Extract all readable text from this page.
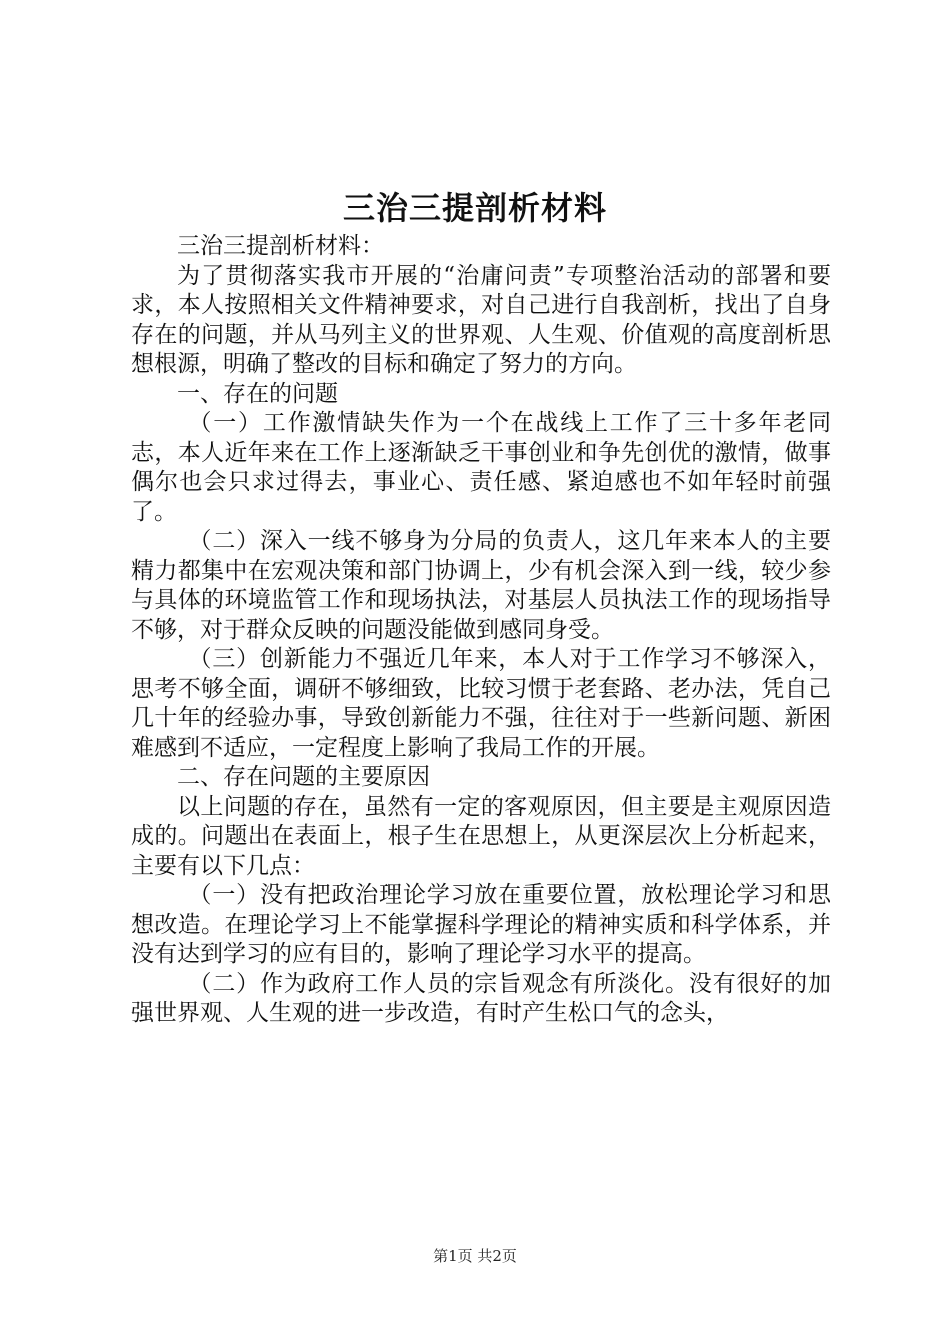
三治三提剖析材料

三治三提剖析材料：

为了贯彻落实我市开展的“治庸问责”专项整治活动的部署和要求，本人按照相关文件精神要求，对自己进行自我剖析，找出了自身存在的问题，并从马列主义的世界观、人生观、价值观的高度剖析思想根源，明确了整改的目标和确定了努力的方向。

一、存在的问题

（一）工作激情缺失作为一个在战线上工作了三十多年老同志，本人近年来在工作上逐渐缺乏干事创业和争先创优的激情，做事偶尔也会只求过得去，事业心、责任感、紧迫感也不如年轻时前强了。

（二）深入一线不够身为分局的负责人，这几年来本人的主要精力都集中在宏观决策和部门协调上，少有机会深入到一线，较少参与具体的环境监管工作和现场执法，对基层人员执法工作的现场指导不够，对于群众反映的问题没能做到感同身受。

（三）创新能力不强近几年来，本人对于工作学习不够深入，思考不够全面，调研不够细致，比较习惯于老套路、老办法，凭自己几十年的经验办事，导致创新能力不强，往往对于一些新问题、新困难感到不适应，一定程度上影响了我局工作的开展。

二、存在问题的主要原因

以上问题的存在，虽然有一定的客观原因，但主要是主观原因造成的。问题出在表面上，根子生在思想上，从更深层次上分析起来，主要有以下几点：

（一）没有把政治理论学习放在重要位置，放松理论学习和思想改造。在理论学习上不能掌握科学理论的精神实质和科学体系，并没有达到学习的应有目的，影响了理论学习水平的提高。

（二）作为政府工作人员的宗旨观念有所淡化。没有很好的加强世界观、人生观的进一步改造，有时产生松口气的念头，

第1页 共2页
